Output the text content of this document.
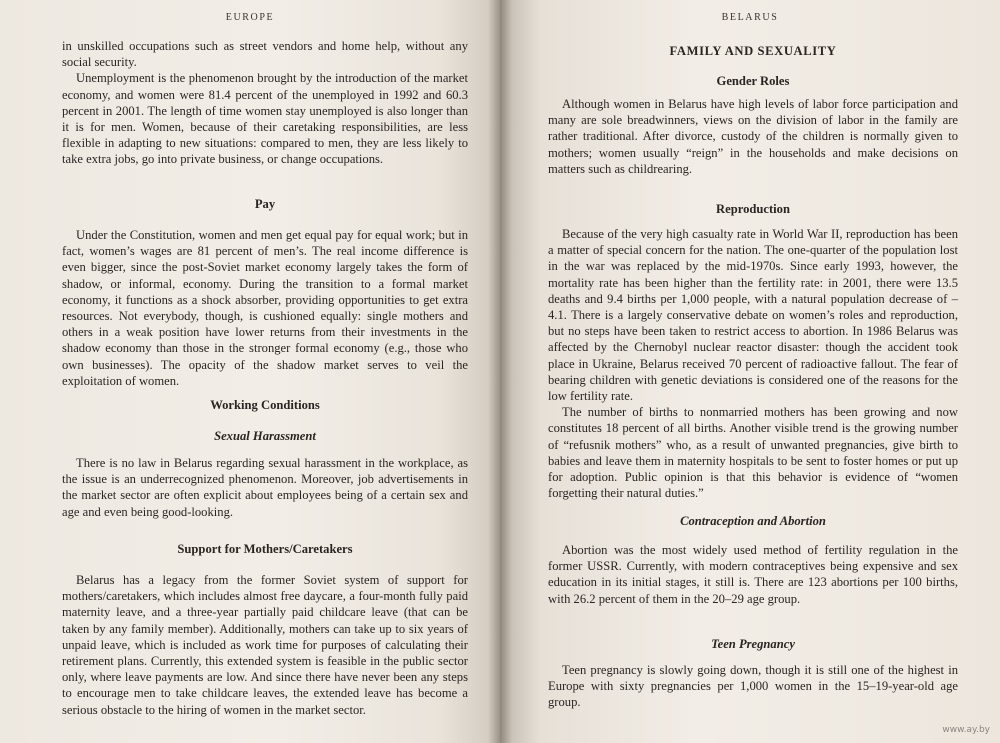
EUROPE

in unskilled occupations such as street vendors and home help, without any social security.

Unemployment is the phenomenon brought by the introduction of the market economy, and women were 81.4 percent of the unemployed in 1992 and 60.3 percent in 2001. The length of time women stay unemployed is also longer than it is for men. Women, because of their caretaking responsibilities, are less flexible in adapting to new situations: compared to men, they are less likely to take extra jobs, go into private business, or change occupations.

Pay

Under the Constitution, women and men get equal pay for equal work; but in fact, women’s wages are 81 percent of men’s. The real income difference is even bigger, since the post-Soviet market economy largely takes the form of shadow, or informal, economy. During the transition to a formal market economy, it functions as a shock absorber, providing opportunities to get extra resources. Not everybody, though, is cushioned equally: single mothers and others in a weak position have lower returns from their investments in the shadow economy than those in the stronger formal economy (e.g., those who own businesses). The opacity of the shadow market serves to veil the exploitation of women.

Working Conditions
Sexual Harassment

There is no law in Belarus regarding sexual harassment in the workplace, as the issue is an underrecognized phenomenon. Moreover, job advertisements in the market sector are often explicit about employees being of a certain sex and age and even being good-looking.

Support for Mothers/Caretakers

Belarus has a legacy from the former Soviet system of support for mothers/caretakers, which includes almost free daycare, a four-month fully paid maternity leave, and a three-year partially paid childcare leave (that can be taken by any family member). Additionally, mothers can take up to six years of unpaid leave, which is included as work time for purposes of calculating their retirement plans. Currently, this extended system is feasible in the public sector only, where leave payments are low. And since there have never been any steps to encourage men to take childcare leaves, the extended leave has become a serious obstacle to the hiring of women in the market sector.

BELARUS
FAMILY AND SEXUALITY
Gender Roles

Although women in Belarus have high levels of labor force participation and many are sole breadwinners, views on the division of labor in the family are rather traditional. After divorce, custody of the children is normally given to mothers; women usually “reign” in the households and make decisions on matters such as childrearing.

Reproduction

Because of the very high casualty rate in World War II, reproduction has been a matter of special concern for the nation. The one-quarter of the population lost in the war was replaced by the mid-1970s. Since early 1993, however, the mortality rate has been higher than the fertility rate: in 2001, there were 13.5 deaths and 9.4 births per 1,000 people, with a natural population decrease of –4.1. There is a largely conservative debate on women’s roles and reproduction, but no steps have been taken to restrict access to abortion. In 1986 Belarus was affected by the Chernobyl nuclear reactor disaster: though the accident took place in Ukraine, Belarus received 70 percent of radioactive fallout. The fear of bearing children with genetic deviations is considered one of the reasons for the low fertility rate.

The number of births to nonmarried mothers has been growing and now constitutes 18 percent of all births. Another visible trend is the growing number of “refusnik mothers” who, as a result of unwanted pregnancies, give birth to babies and leave them in maternity hospitals to be sent to foster homes or put up for adoption. Public opinion is that this behavior is evidence of “women forgetting their natural duties.”

Contraception and Abortion

Abortion was the most widely used method of fertility regulation in the former USSR. Currently, with modern contraceptives being expensive and sex education in its initial stages, it still is. There are 123 abortions per 100 births, with 26.2 percent of them in the 20–29 age group.

Teen Pregnancy

Teen pregnancy is slowly going down, though it is still one of the highest in Europe with sixty pregnancies per 1,000 women in the 15–19-year-old age group.

www.ay.by
